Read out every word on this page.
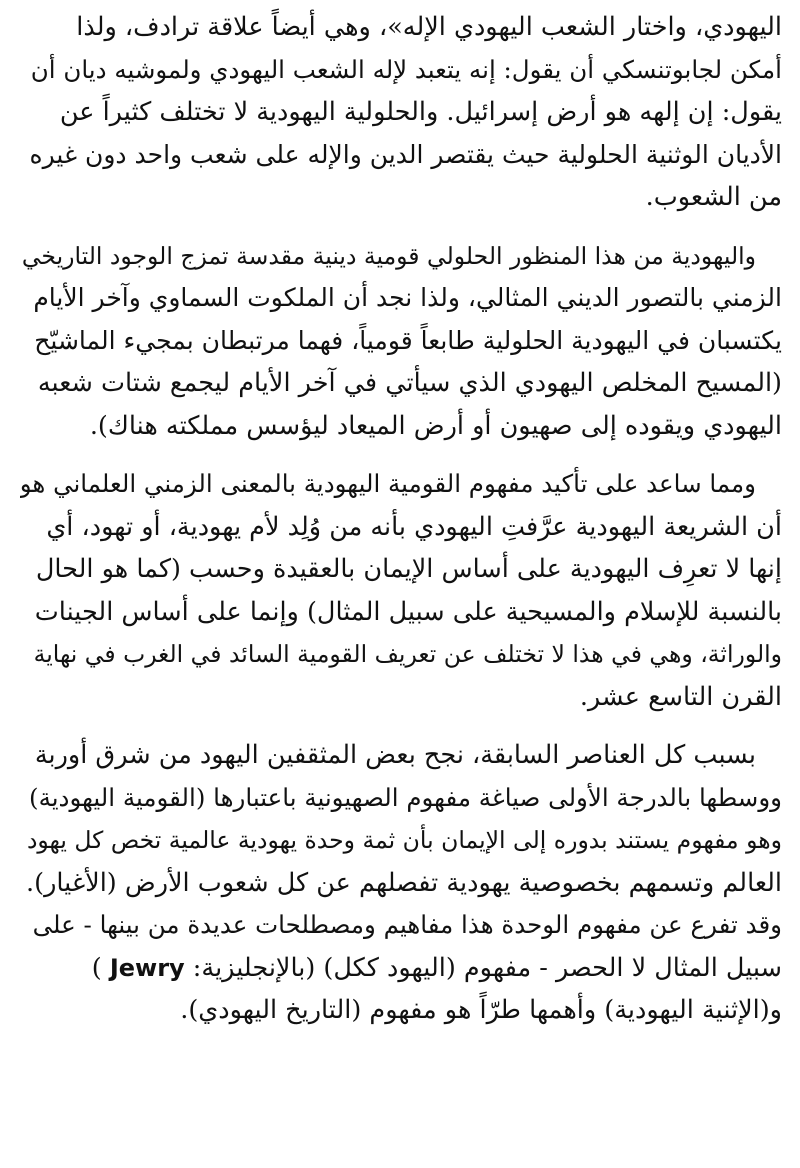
اليهودي، واختار الشعب اليهودي الإله»، وهي أيضاً علاقة ترادف، ولذا
أمكن لجابوتنسكي أن يقول: إنه يتعبد لإله الشعب اليهودي ولموشيه ديان أن
يقول: إن إلهه هو أرض إسرائيل. والحلولية اليهودية لا تختلف كثيراً عن
الأديان الوثنية الحلولية حيث يقتصر الدين والإله على شعب واحد دون غيره
من الشعوب.

واليهودية من هذا المنظور الحلولي قومية دينية مقدسة تمزج الوجود التاريخي
الزمني بالتصور الديني المثالي، ولذا نجد أن الملكوت السماوي وآخر الأيام
يكتسبان في اليهودية الحلولية طابعاً قومياً، فهما مرتبطان بمجيء الماشيّح
(المسيح المخلص اليهودي الذي سيأتي في آخر الأيام ليجمع شتات شعبه
اليهودي ويقوده إلى صهيون أو أرض الميعاد ليؤسس مملكته هناك).

ومما ساعد على تأكيد مفهوم القومية اليهودية بالمعنى الزمني العلماني هو
أن الشريعة اليهودية عرَّفتِ اليهودي بأنه من وُلِد لأم يهودية، أو تهود، أي
إنها لا تعرِف اليهودية على أساس الإيمان بالعقيدة وحسب (كما هو الحال
بالنسبة للإسلام والمسيحية على سبيل المثال) وإنما على أساس الجينات
والوراثة، وهي في هذا لا تختلف عن تعريف القومية السائد في الغرب في نهاية
القرن التاسع عشر.

بسبب كل العناصر السابقة، نجح بعض المثقفين اليهود من شرق أوربة
ووسطها بالدرجة الأولى صياغة مفهوم الصهيونية باعتبارها (القومية اليهودية)
وهو مفهوم يستند بدوره إلى الإيمان بأن ثمة وحدة يهودية عالمية تخص كل يهود
العالم وتسمهم بخصوصية يهودية تفصلهم عن كل شعوب الأرض (الأغيار).
وقد تفرع عن مفهوم الوحدة هذا مفاهيم ومصطلحات عديدة من بينها - على
سبيل المثال لا الحصر - مفهوم (اليهود ككل) (بالإنجليزية: Jewry )
و(الإثنية اليهودية) وأهمها طرّاً هو مفهوم (التاريخ اليهودي).
